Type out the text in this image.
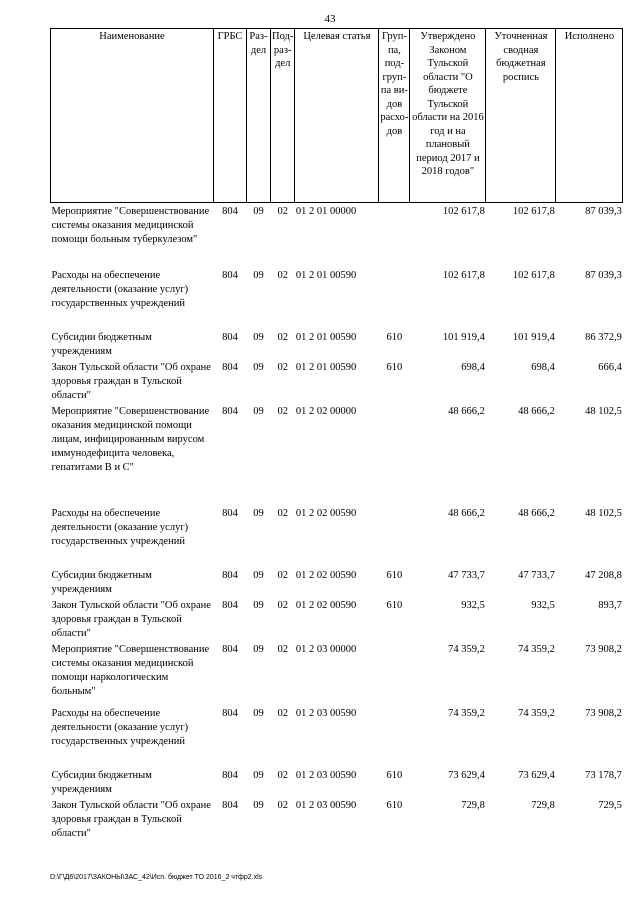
43
Наименование	ГРБС	Раз-дел	Под-раз-дел	Целевая статья	Груп-па, под-груп-па ви-дов расхо-дов	Утверждено Законом Тульской области "О бюджете Тульской области на 2016 год и на плановый период 2017 и 2018 годов"	Уточненная сводная бюджетная роспись	Исполнено
Мероприятие "Совершенствование системы оказания медицинской помощи больным туберкулезом"	804	09	02	01 2 01 00000		102 617,8	102 617,8	87 039,3
Расходы на обеспечение деятельности (оказание услуг) государственных учреждений	804	09	02	01 2 01 00590		102 617,8	102 617,8	87 039,3
Субсидии бюджетным учреждениям	804	09	02	01 2 01 00590	610	101 919,4	101 919,4	86 372,9
Закон Тульской области "Об охране здоровья граждан в Тульской области"	804	09	02	01 2 01 00590	610	698,4	698,4	666,4
Мероприятие "Совершенствование оказания медицинской помощи лицам, инфицированным вирусом иммунодефицита человека, гепатитами В и С"	804	09	02	01 2 02 00000		48 666,2	48 666,2	48 102,5
Расходы на обеспечение деятельности (оказание услуг) государственных учреждений	804	09	02	01 2 02 00590		48 666,2	48 666,2	48 102,5
Субсидии бюджетным учреждениям	804	09	02	01 2 02 00590	610	47 733,7	47 733,7	47 208,8
Закон Тульской области "Об охране здоровья граждан в Тульской области"	804	09	02	01 2 02 00590	610	932,5	932,5	893,7
Мероприятие "Совершенствование системы оказания медицинской помощи наркологическим больным"	804	09	02	01 2 03 00000		74 359,2	74 359,2	73 908,2
Расходы на обеспечение деятельности (оказание услуг) государственных учреждений	804	09	02	01 2 03 00590		74 359,2	74 359,2	73 908,2
Субсидии бюджетным учреждениям	804	09	02	01 2 03 00590	610	73 629,4	73 629,4	73 178,7
Закон Тульской области "Об охране здоровья граждан в Тульской области"	804	09	02	01 2 03 00590	610	729,8	729,8	729,5
D:\Г\Д6\2017\ЗАКОНЫ\ЗАС_42\Исп. бюджет ТО 2016_2 чтфр2.xls
